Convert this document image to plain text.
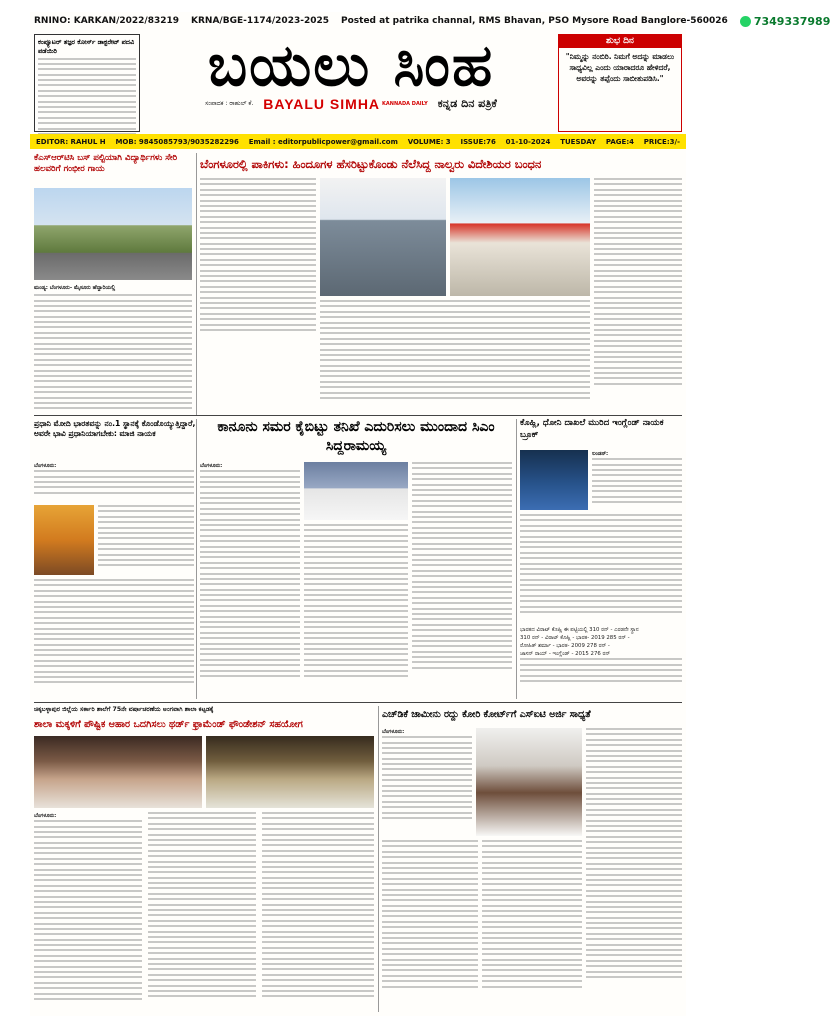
RNINO: KARKAN/2022/83219 KRNA/BGE-1174/2023-2025 Posted at patrika channal, RMS Bhavan, PSO Mysore Road Banglore-560026 7349337989
ಕಂಪ್ಯೂಟರ್ ತಜ್ಞರ ಕೋರ್ಸ್ ಡಾಕ್ಟರೇಟ್ ಪದವಿ ಪಡೆಯಿರಿ	ಬಯಲು ಸಿಂಹ
ಸಂಪಾದಕ : ರಾಹುಲ್ ಕೆ. BAYALU SIMHA KANNADA DAILY ಕನ್ನಡ ದಿನ ಪತ್ರಿಕೆ
ಶುಭ ದಿನ
"ನಿಮ್ಮನ್ನು ನಂಬಿರಿ. ನಿಮಗೆ ಅದನ್ನು ಮಾಡಲು ಸಾಧ್ಯವಿಲ್ಲ ಎಂದು ಯಾರಾದರೂ ಹೇಳಿದರೆ, ಅವರನ್ನು ತಪ್ಪೆಂದು ಸಾಬೀತುಪಡಿಸಿ."
EDITOR: RAHUL H MOB: 9845085793/9035282296 Email : editorpublicpower@gmail.com VOLUME: 3 ISSUE:76 01-10-2024 TUESDAY PAGE:4 PRICE:3/-
ಕೆಎಸ್‌ಆರ್‌ಟಿಸಿ ಬಸ್ ಪಲ್ಟಿಯಾಗಿ ವಿದ್ಯಾರ್ಥಿಗಳು ಸೇರಿ ಹಲವರಿಗೆ ಗಂಭೀರ ಗಾಯ
ಮಂಡ್ಯ: ಬೆಂಗಳೂರು- ಮೈಸೂರು ಹೆದ್ದಾರಿಯಲ್ಲಿ
ಬೆಂಗಳೂರಲ್ಲಿ ಪಾಕಿಗಳು: ಹಿಂದೂಗಳ ಹೆಸರಿಟ್ಟುಕೊಂಡು ನೆಲೆಸಿದ್ದ ನಾಲ್ವರು ವಿದೇಶಿಯರ ಬಂಧನ
ಪ್ರಧಾನಿ ಮೋದಿ ಭಾರತವನ್ನು ನಂ.1 ಸ್ಥಾನಕ್ಕೆ ಕೊಂಡೊಯ್ಯುತ್ತಿದ್ದಾರೆ, ಅವರೇ ಭಾವಿ ಪ್ರಧಾನಿಯಾಗಬೇಕು: ಮಾಜಿ ನಾಯಕ
ಬೆಂಗಳೂರು:
ಕಾನೂನು ಸಮರ ಕೈಬಿಟ್ಟು ತನಿಖೆ ಎದುರಿಸಲು ಮುಂದಾದ ಸಿಎಂ ಸಿದ್ದರಾಮಯ್ಯ
ಬೆಂಗಳೂರು:
ಕೊಹ್ಲಿ, ಧೋನಿ ದಾಖಲೆ ಮುರಿದ ಇಂಗ್ಲೆಂಡ್ ನಾಯಕ ಬ್ರೂಕ್
ಲಂಡನ್:
ಭಾರತದ ವಿರಾಟ್ ಕೊಹ್ಲಿ ಈ ಪಟ್ಟಿಯಲ್ಲಿ 310 ರನ್ - ಎರಡನೇ ಸ್ಥಾನ
310 ರನ್ - ವಿರಾಟ್ ಕೊಹ್ಲಿ - ಭಾರತ- 2019 285 ರನ್ -
ರೋಹಿತ್ ಶರ್ಮಾ - ಭಾರತ- 2009 278 ರನ್ -
ಜಾಸನ್ ರಾಯ್ - ಇಂಗ್ಲೆಂಡ್ - 2015 276 ರನ್
ಚಿಕ್ಕಬಳ್ಳಾಪುರ ಜಿಲ್ಲೆಯ ಸರ್ಕಾರಿ ಶಾಲೆಗೆ 75ನೇ ವರ್ಷಾಚರಣೆಯ ಅಂಗವಾಗಿ ಶಾಲಾ ಕಟ್ಟಡಕ್ಕೆ
ಶಾಲಾ ಮಕ್ಕಳಿಗೆ ಪೌಷ್ಟಿಕ ಆಹಾರ ಒದಗಿಸಲು ಥರ್ಡ್ ಫ್ರಾಮೆಂಡ್ ಫೌಂಡೇಶನ್ ಸಹಯೋಗ
ಬೆಂಗಳೂರು:
ಎಚ್‌ಡಿಕೆ ಜಾಮೀನು ರದ್ದು ಕೋರಿ ಕೋರ್ಟ್‌ಗೆ ಎಸ್‌ಐಟಿ ಅರ್ಜಿ ಸಾಧ್ಯತೆ
ಬೆಂಗಳೂರು:
